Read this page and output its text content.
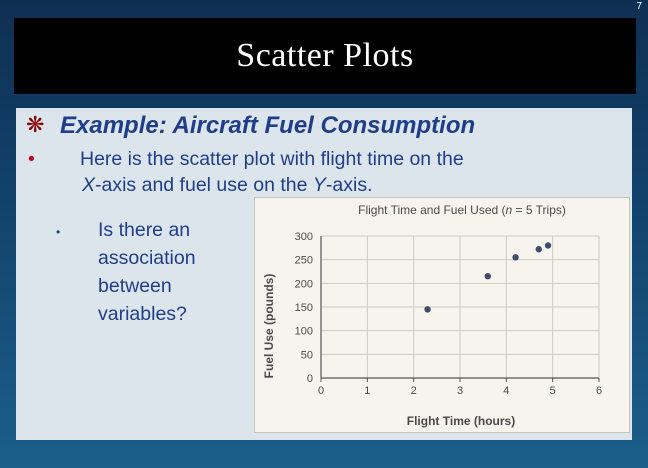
7
Scatter Plots
❋ Example: Aircraft Fuel Consumption
•	Here is the scatter plot with flight time on the
X-axis and fuel use on the Y-axis.
•	Is there an association between variables?
Flight Time and Fuel Used (n = 5 Trips)
Fuel Use (pounds)
Flight Time (hours)
0
50
100
150
200
250
300
0	1	2	3	4	5	6
